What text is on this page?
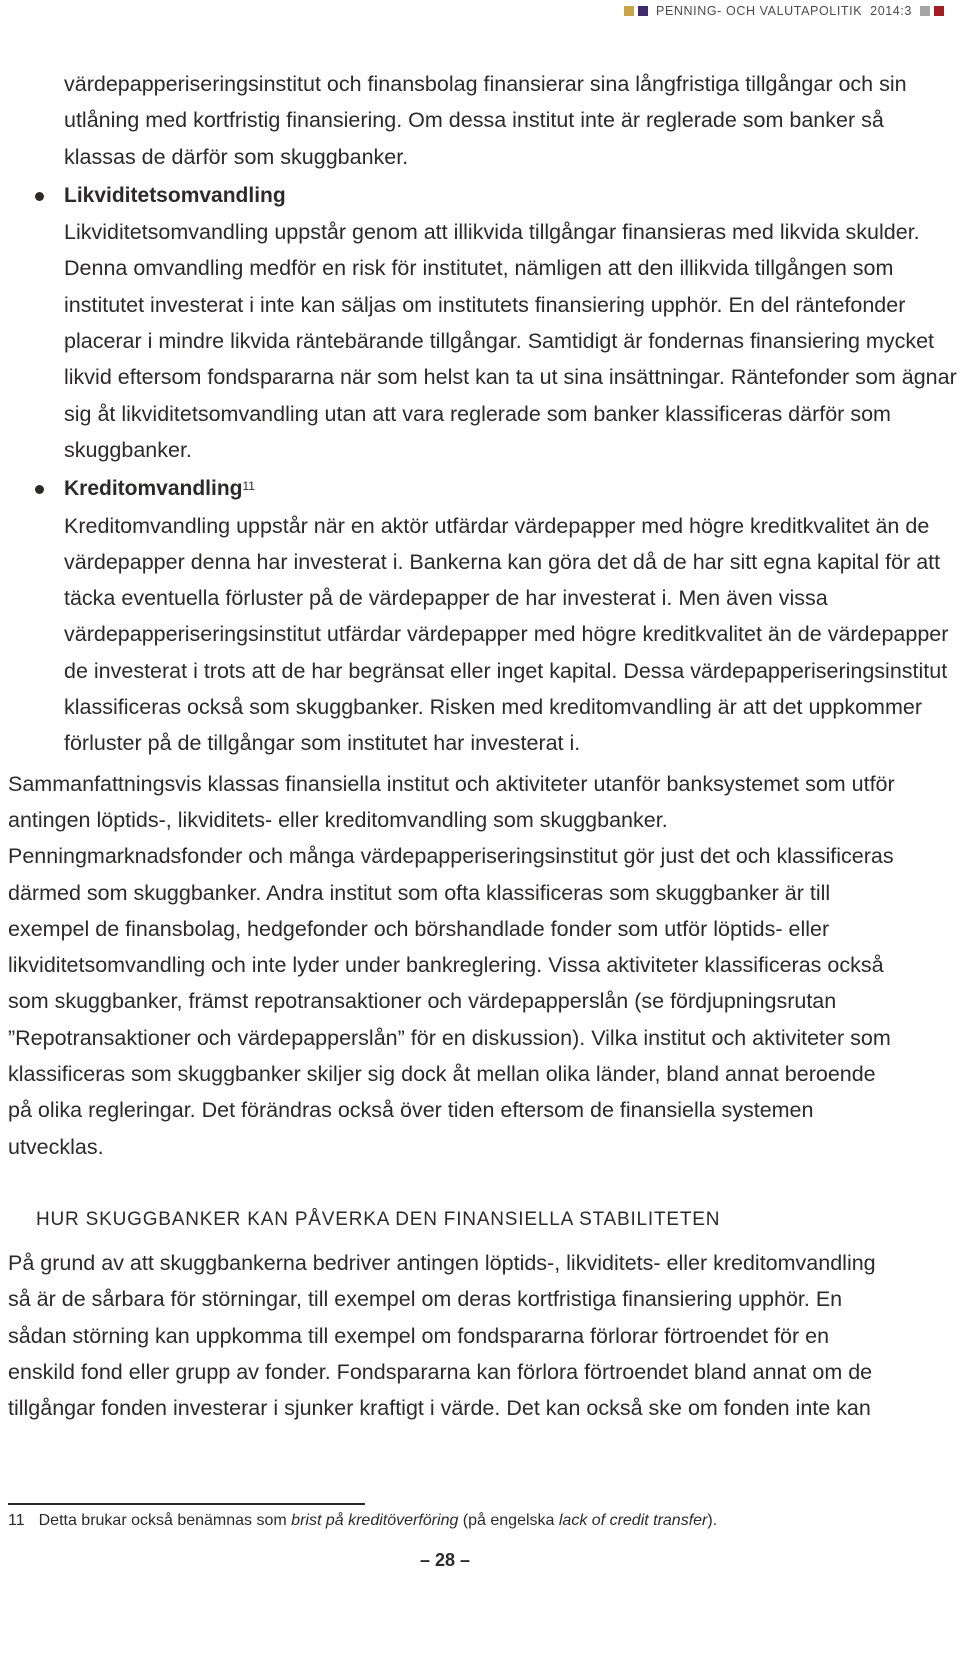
PENNING- OCH VALUTAPOLITIK 2014:3

värdepapperiseringsinstitut och finansbolag finansierar sina långfristiga tillgångar och sin utlåning med kortfristig finansiering. Om dessa institut inte är reglerade som banker så klassas de därför som skuggbanker.

Likviditetsomvandling

Likviditetsomvandling uppstår genom att illikvida tillgångar finansieras med likvida skulder. Denna omvandling medför en risk för institutet, nämligen att den illikvida tillgången som institutet investerat i inte kan säljas om institutets finansiering upphör. En del räntefonder placerar i mindre likvida räntebärande tillgångar. Samtidigt är fondernas finansiering mycket likvid eftersom fondspararna när som helst kan ta ut sina insättningar. Räntefonder som ägnar sig åt likviditetsomvandling utan att vara reglerade som banker klassificeras därför som skuggbanker.

Kreditomvandling$^{11}$

Kreditomvandling uppstår när en aktör utfärdar värdepapper med högre kreditkvalitet än de värdepapper denna har investerat i. Bankerna kan göra det då de har sitt egna kapital för att täcka eventuella förluster på de värdepapper de har investerat i. Men även vissa värdepapperiseringsinstitut utfärdar värdepapper med högre kreditkvalitet än de värdepapper de investerat i trots att de har begränsat eller inget kapital. Dessa värdepapperiseringsinstitut klassificeras också som skuggbanker. Risken med kreditomvandling är att det uppkommer förluster på de tillgångar som institutet har investerat i.

Sammanfattningsvis klassas finansiella institut och aktiviteter utanför banksystemet som utför antingen löptids-, likviditets- eller kreditomvandling som skuggbanker. Penningmarknadsfonder och många värdepapperiseringsinstitut gör just det och klassificeras därmed som skuggbanker. Andra institut som ofta klassificeras som skuggbanker är till exempel de finansbolag, hedgefonder och börshandlade fonder som utför löptids- eller likviditetsomvandling och inte lyder under bankreglering. Vissa aktiviteter klassificeras också som skuggbanker, främst repotransaktioner och värdepapperslån (se fördjupningsrutan ”Repotransaktioner och värdepapperslån” för en diskussion). Vilka institut och aktiviteter som klassificeras som skuggbanker skiljer sig dock åt mellan olika länder, bland annat beroende på olika regleringar. Det förändras också över tiden eftersom de finansiella systemen utvecklas.

HUR SKUGGBANKER KAN PÅVERKA DEN FINANSIELLA STABILITETEN

På grund av att skuggbankerna bedriver antingen löptids-, likviditets- eller kreditomvandling så är de sårbara för störningar, till exempel om deras kortfristiga finansiering upphör. En sådan störning kan uppkomma till exempel om fondspararna förlorar förtroendet för en enskild fond eller grupp av fonder. Fondspararna kan förlora förtroendet bland annat om de tillgångar fonden investerar i sjunker kraftigt i värde. Det kan också ske om fonden inte kan

11 Detta brukar också benämnas som brist på kreditöverföring (på engelska lack of credit transfer).
– 28 –
